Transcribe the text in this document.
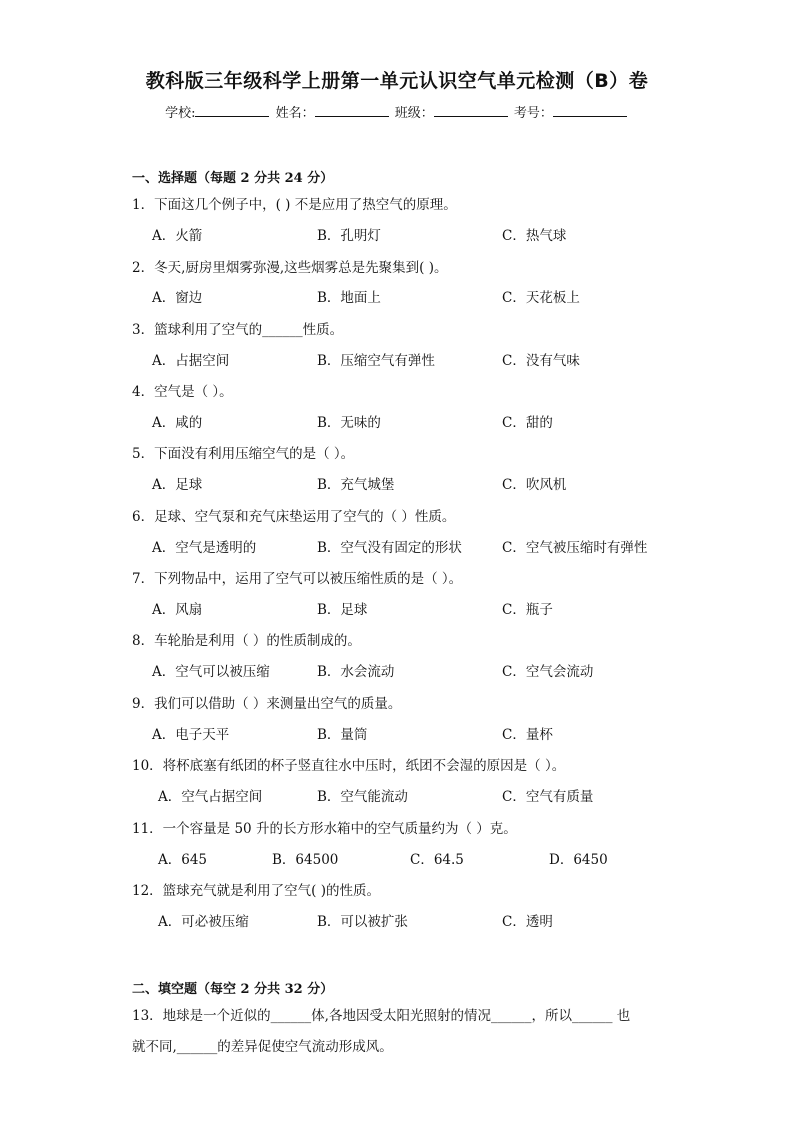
教科版三年级科学上册第一单元认识空气单元检测（B）卷
学校:	姓名：	班级：	考号：
一、选择题（每题 2 分共 24 分）
1．下面这几个例子中，( ) 不是应用了热空气的原理。
A．火箭	B．孔明灯	C．热气球
2．冬天,厨房里烟雾弥漫,这些烟雾总是先聚集到( )。
A．窗边	B．地面上	C．天花板上
3．篮球利用了空气的______性质。
A．占据空间	B．压缩空气有弹性	C．没有气味
4．空气是（ ）。
A．咸的	B．无味的	C．甜的
5．下面没有利用压缩空气的是（ ）。
A．足球	B．充气城堡	C．吹风机
6．足球、空气泵和充气床垫运用了空气的（ ）性质。
A．空气是透明的	B．空气没有固定的形状	C．空气被压缩时有弹性
7．下列物品中，运用了空气可以被压缩性质的是（ ）。
A．风扇	B．足球	C．瓶子
8．车轮胎是利用（ ）的性质制成的。
A．空气可以被压缩	B．水会流动	C．空气会流动
9．我们可以借助（ ）来测量出空气的质量。
A．电子天平	B．量筒	C．量杯
10．将杯底塞有纸团的杯子竖直往水中压时，纸团不会湿的原因是（ ）。
A．空气占据空间	B．空气能流动	C．空气有质量
11．一个容量是 50 升的长方形水箱中的空气质量约为（ ）克。
A．645	B．64500	C．64.5	D．6450
12．篮球充气就是利用了空气( )的性质。
A．可必被压缩	B．可以被扩张	C．透明
二、填空题（每空 2 分共 32 分）
13．地球是一个近似的______体,各地因受太阳光照射的情况______，所以______ 也
就不同,______的差异促使空气流动形成风。
